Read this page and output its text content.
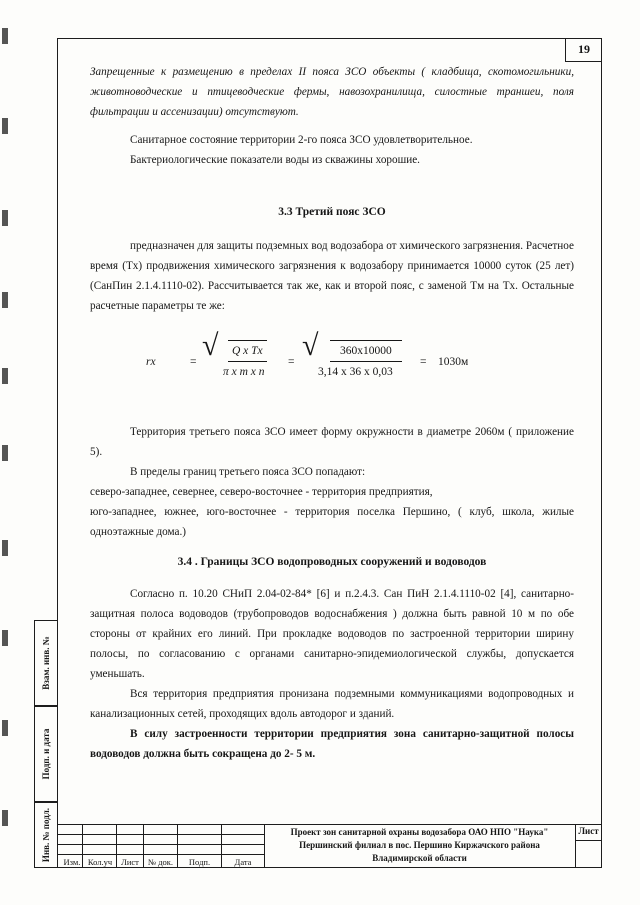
19

Запрещенные к размещению в пределах II пояса ЗСО объекты ( кладбища, скотомогильники, животноводческие и птицеводческие фермы, навозохранилища, силостные траншеи, поля фильтрации и ассенизации) отсутствуют.

Санитарное состояние территории 2-го пояса ЗСО удовлетворительное.

Бактериологические показатели воды из скважины хорошие.

3.3 Третий пояс ЗСО

предназначен для защиты подземных вод водозабора от химического загрязнения. Расчетное время (Tx) продвижения химического загрязнения к водозабору принимается 10000 суток (25 лет) (СанПин 2.1.4.1110-02). Рассчитывается так же, как и второй пояс, с заменой Tм на Tx. Остальные расчетные параметры те же:

rx	= √	Q x Tx
π x m x n
= √	360x10000
3,14 x 36 x 0,03
= 1030м

Территория третьего пояса ЗСО имеет форму окружности в диаметре 2060м ( приложение 5).

В пределы границ третьего пояса ЗСО попадают:

северо-западнее, севернее, северо-восточнее - территория предприятия,

юго-западнее, южнее, юго-восточнее - территория поселка Першино, ( клуб, школа, жилые одноэтажные дома.)

3.4 . Границы ЗСО водопроводных сооружений и водоводов

Согласно п. 10.20 СНиП 2.04-02-84* [6] и п.2.4.3. Сан ПиН 2.1.4.1110-02 [4], санитарно-защитная полоса водоводов (трубопроводов водоснабжения ) должна быть равной 10 м по обе стороны от крайних его линий. При прокладке водоводов по застроенной территории ширину полосы, по согласованию с органами санитарно-эпидемиологической службы, допускается уменьшать.

Вся территория предприятия пронизана подземными коммуникациями водопроводных и канализационных сетей, проходящих вдоль автодорог и зданий.

В силу застроенности территории предприятия зона санитарно-защитной полосы водоводов должна быть сокращена до 2- 5 м.

Взам. инв. №
Подп. и дата
Инв. № подл. Изм. Кол.уч	Лист	№ док.	Подп.	Дата
Проект зон санитарной охраны водозабора ОАО НПО "Наука"
Першинский филиал в пос. Першино Киржачского района
Владимирской области
Лист
